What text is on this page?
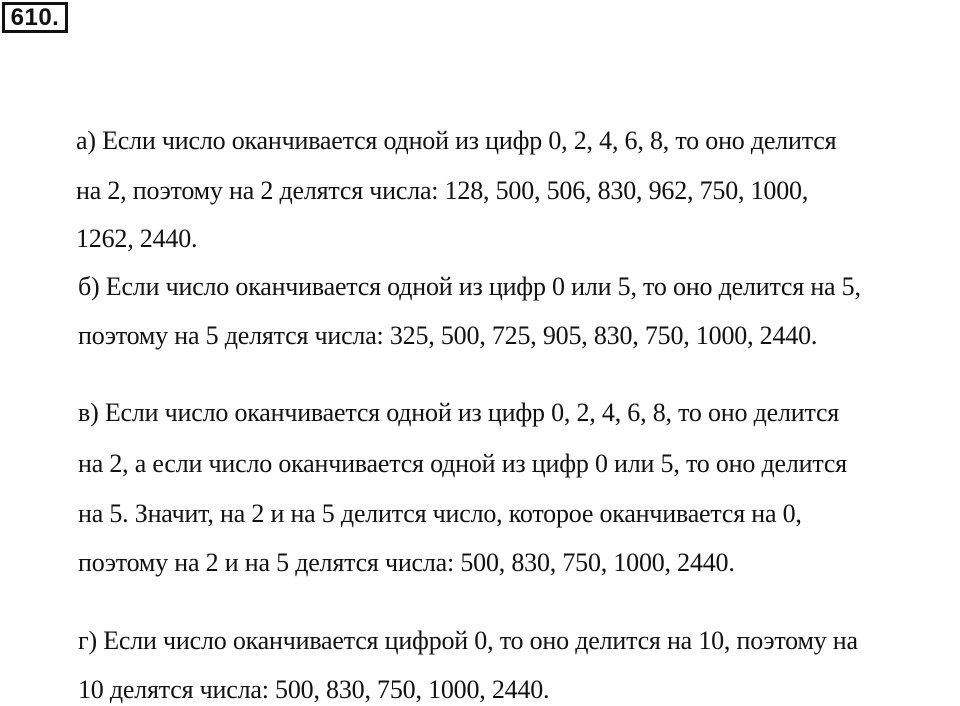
610.
а) Если число оканчивается одной из цифр 0, 2, 4, 6, 8, то оно делится
на 2, поэтому на 2 делятся числа: 128, 500, 506, 830, 962, 750, 1000,
1262, 2440.
б) Если число оканчивается одной из цифр 0 или 5, то оно делится на 5,
поэтому на 5 делятся числа: 325, 500, 725, 905, 830, 750, 1000, 2440.
в) Если число оканчивается одной из цифр 0, 2, 4, 6, 8, то оно делится
на 2, а если число оканчивается одной из цифр 0 или 5, то оно делится
на 5. Значит, на 2 и на 5 делится число, которое оканчивается на 0,
поэтому на 2 и на 5 делятся числа: 500, 830, 750, 1000, 2440.
г) Если число оканчивается цифрой 0, то оно делится на 10, поэтому на
10 делятся числа: 500, 830, 750, 1000, 2440.
